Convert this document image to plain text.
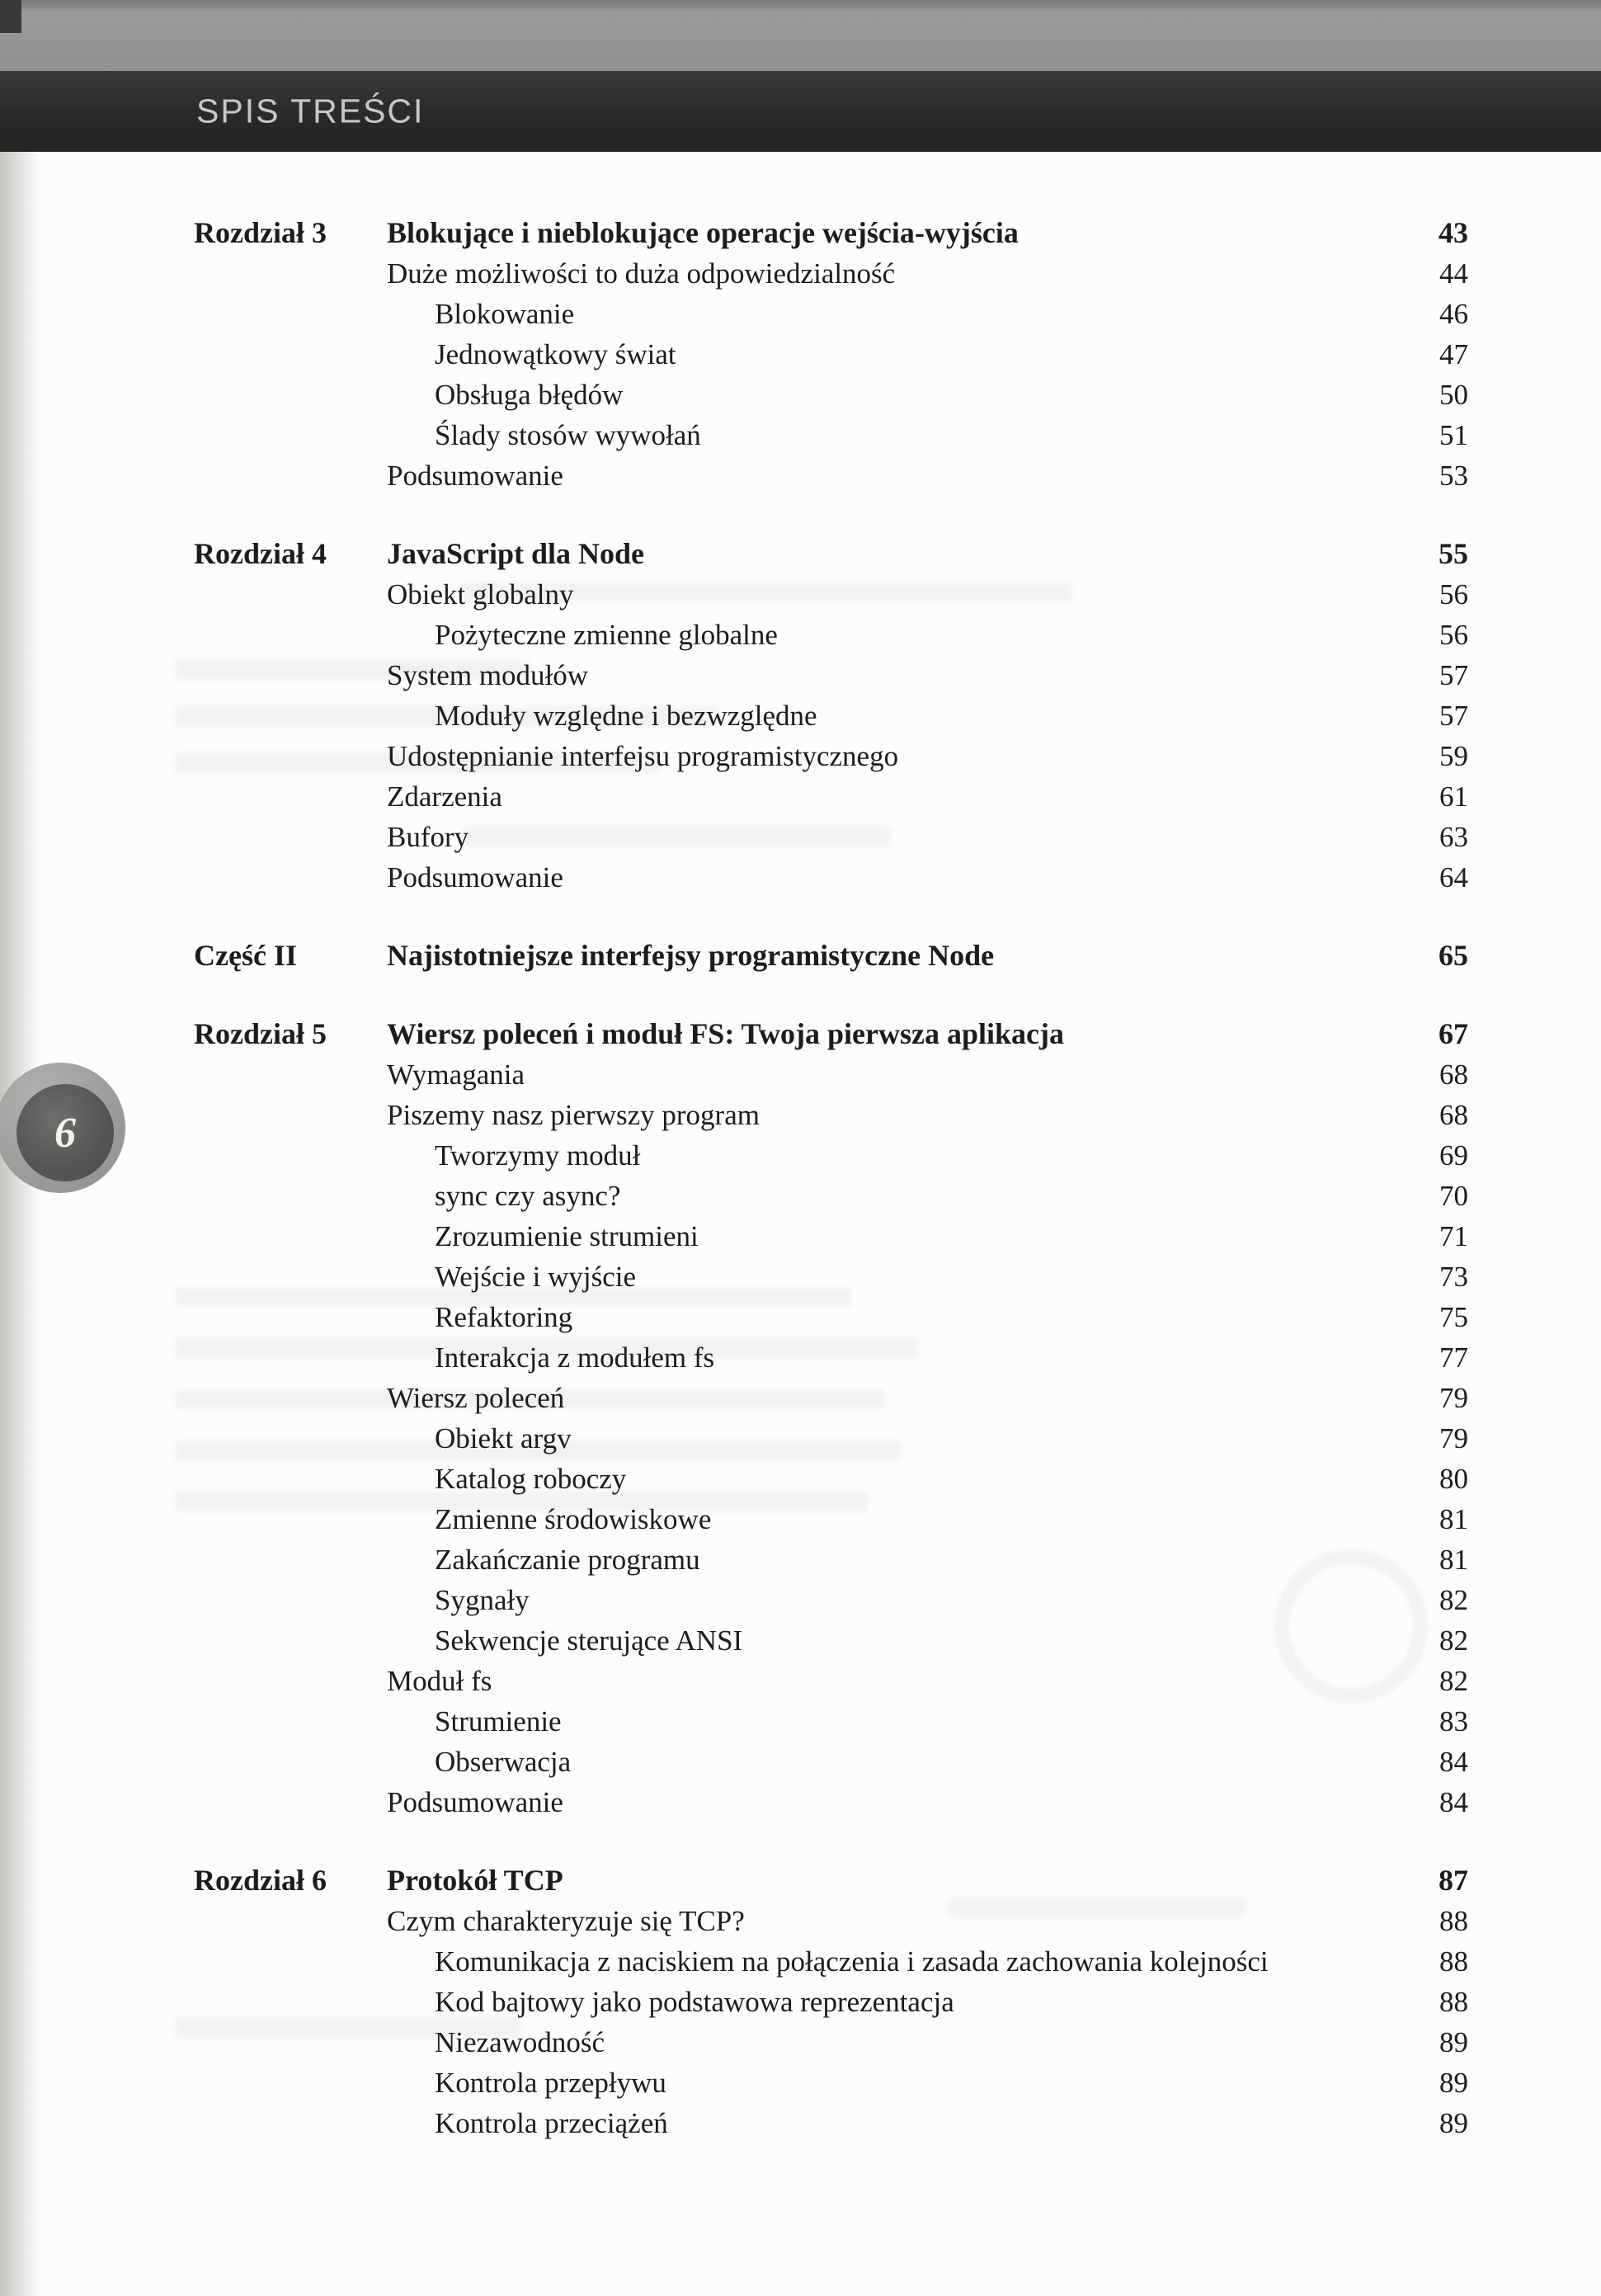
SPIS TREŚCI
6
Rozdział 3	Blokujące i nieblokujące operacje wejścia-wyjścia	43
Duże możliwości to duża odpowiedzialność	44
Blokowanie	46
Jednowątkowy świat	47
Obsługa błędów	50
Ślady stosów wywołań	51
Podsumowanie	53
Rozdział 4	JavaScript dla Node	55
Obiekt globalny	56
Pożyteczne zmienne globalne	56
System modułów	57
Moduły względne i bezwzględne	57
Udostępnianie interfejsu programistycznego	59
Zdarzenia	61
Bufory	63
Podsumowanie	64
Część II	Najistotniejsze interfejsy programistyczne Node	65
Rozdział 5	Wiersz poleceń i moduł FS: Twoja pierwsza aplikacja	67
Wymagania	68
Piszemy nasz pierwszy program	68
Tworzymy moduł	69
sync czy async?	70
Zrozumienie strumieni	71
Wejście i wyjście	73
Refaktoring	75
Interakcja z modułem fs	77
Wiersz poleceń	79
Obiekt argv	79
Katalog roboczy	80
Zmienne środowiskowe	81
Zakańczanie programu	81
Sygnały	82
Sekwencje sterujące ANSI	82
Moduł fs	82
Strumienie	83
Obserwacja	84
Podsumowanie	84
Rozdział 6	Protokół TCP	87
Czym charakteryzuje się TCP?	88
Komunikacja z naciskiem na połączenia i zasada zachowania kolejności	88
Kod bajtowy jako podstawowa reprezentacja	88
Niezawodność	89
Kontrola przepływu	89
Kontrola przeciążeń	89
